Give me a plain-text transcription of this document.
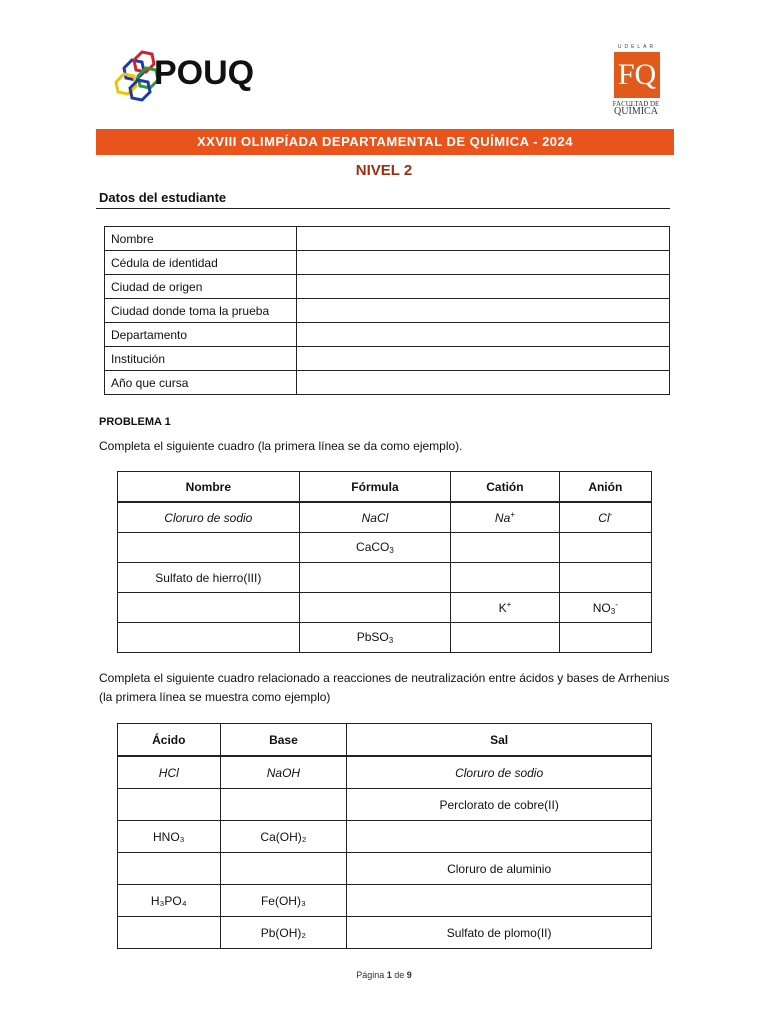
POUQ
UDELAR
FQ
FACULTAD DE
QUÍMICA
XXVIII OLIMPÍADA DEPARTAMENTAL DE QUÍMICA - 2024
NIVEL 2
Datos del estudiante
Nombre	
Cédula de identidad	
Ciudad de origen	
Ciudad donde toma la prueba	
Departamento	
Institución	
Año que cursa	
PROBLEMA 1
Completa el siguiente cuadro (la primera línea se da como ejemplo).
Nombre	Fórmula	Catión	Anión
Cloruro de sodio	NaCl	Na+	Cl-
	CaCO$_3$		
Sulfato de hierro(III)			
		K+	$NO_3^-$
	PbSO$_3$		
Completa el siguiente cuadro relacionado a reacciones de neutralización entre ácidos y bases de Arrhenius (la primera línea se muestra como ejemplo)
Ácido	Base	Sal
HCl	NaOH	Cloruro de sodio
		Perclorato de cobre(II)
HNO₃	Ca(OH)₂	
		Cloruro de aluminio
H₃PO₄	Fe(OH)₃	
	Pb(OH)₂	Sulfato de plomo(II)
Página 1 de 9
